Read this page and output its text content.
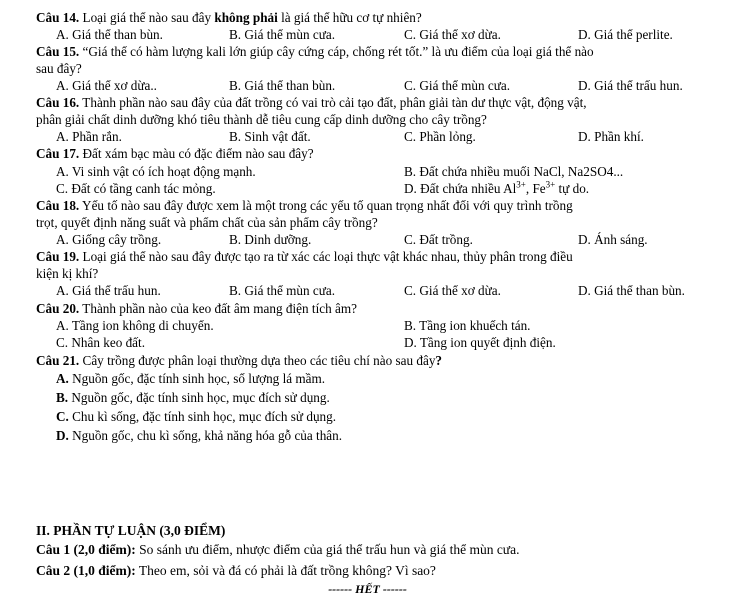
Câu 14. Loại giá thể nào sau đây không phải là giá thể hữu cơ tự nhiên?
A. Giá thể than bùn.	B. Giá thể mùn cưa.	C. Giá thể xơ dừa.	D. Giá thể perlite.
Câu 15. “Giá thể có hàm lượng kali lớn giúp cây cứng cáp, chống rét tốt.” là ưu điểm của loại giá thể nào
sau đây?
A. Giá thể xơ dừa..	B. Giá thể than bùn.	C. Giá thể mùn cưa.	D. Giá thể trấu hun.
Câu 16. Thành phần nào sau đây của đất trồng có vai trò cải tạo đất, phân giải tàn dư thực vật, động vật,
phân giải chất dinh dưỡng khó tiêu thành dễ tiêu cung cấp dinh dưỡng cho cây trồng?
A. Phần rắn.	B. Sinh vật đất.	C. Phần lỏng.	D. Phần khí.
Câu 17. Đất xám bạc màu có đặc điểm nào sau đây?
A. Vi sinh vật có ích hoạt động mạnh.	B. Đất chứa nhiều muối NaCl, Na2SO4...
C. Đất có tầng canh tác mỏng.	D. Đất chứa nhiều $Al^{3+}$, $Fe^{3+}$ tự do.
Câu 18. Yếu tố nào sau đây được xem là một trong các yếu tố quan trọng nhất đối với quy trình trồng
trọt, quyết định năng suất và phẩm chất của sản phẩm cây trồng?
A. Giống cây trồng.	B. Dinh dưỡng.	C. Đất trồng.	D. Ánh sáng.
Câu 19. Loại giá thể nào sau đây được tạo ra từ xác các loại thực vật khác nhau, thủy phân trong điều
kiện kị khí?
A. Giá thể trấu hun.	B. Giá thể mùn cưa.	C. Giá thể xơ dừa.	D. Giá thể than bùn.
Câu 20. Thành phần nào của keo đất âm mang điện tích âm?
A. Tầng ion không di chuyển.	B. Tầng ion khuếch tán.
C. Nhân keo đất.	D. Tầng ion quyết định điện.
Câu 21. Cây trồng được phân loại thường dựa theo các tiêu chí nào sau đây?
A. Nguồn gốc, đặc tính sinh học, số lượng lá mầm.
B. Nguồn gốc, đặc tính sinh học, mục đích sử dụng.
C. Chu kì sống, đặc tính sinh học, mục đích sử dụng.
D. Nguồn gốc, chu kì sống, khả năng hóa gỗ của thân.
II. PHẦN TỰ LUẬN (3,0 ĐIỂM)
Câu 1 (2,0 điểm): So sánh ưu điểm, nhược điểm của giá thể trấu hun và giá thể mùn cưa.
Câu 2 (1,0 điểm): Theo em, sỏi và đá có phải là đất trồng không? Vì sao?
------ HẾT ------
